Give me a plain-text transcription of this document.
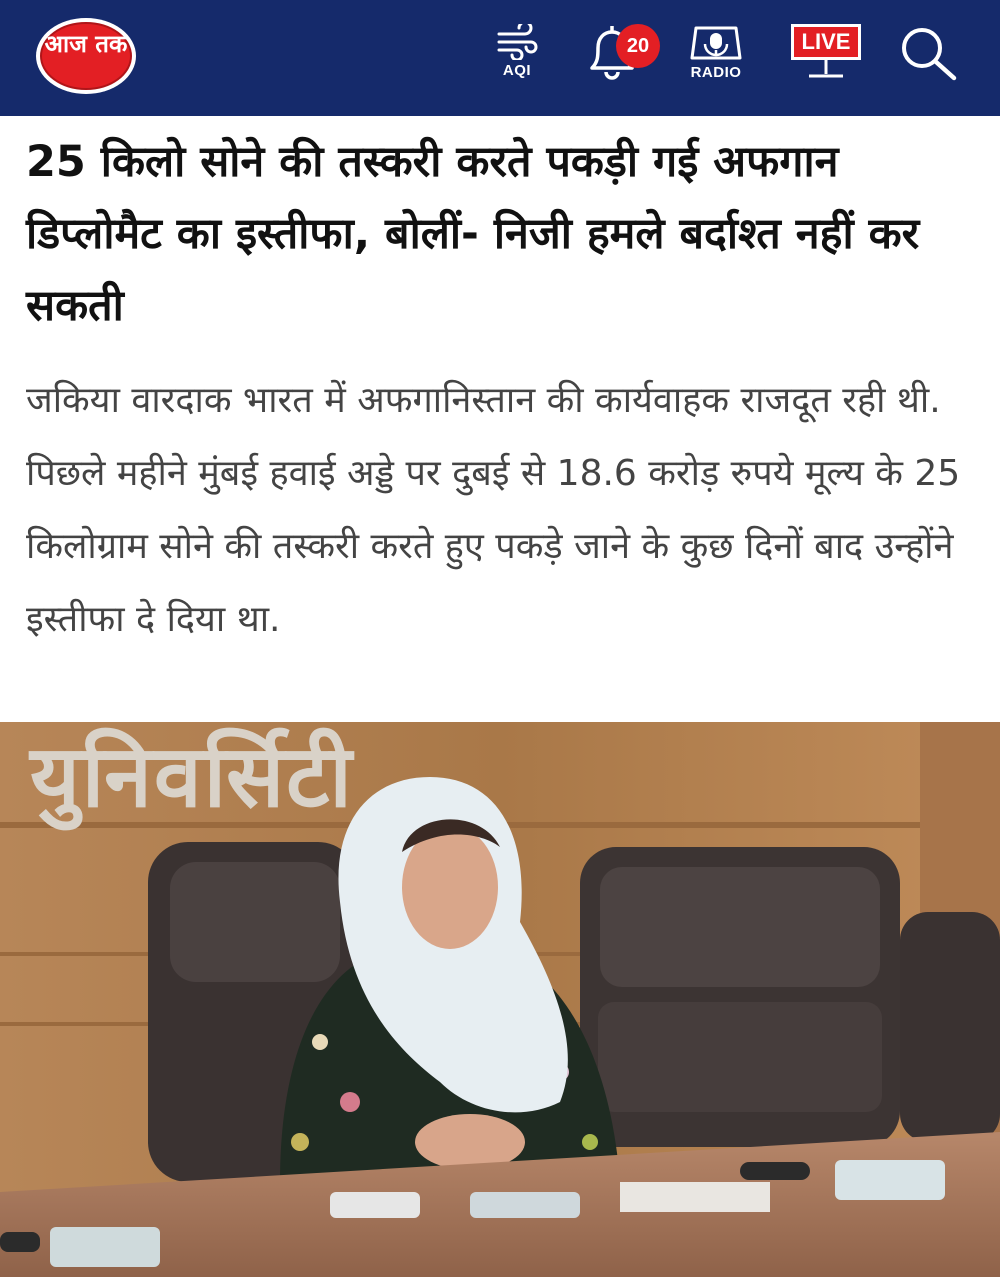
आज तक
AQI
20
RADIO
LIVE
25 किलो सोने की तस्करी करते पकड़ी गई अफगान डिप्लोमैट का इस्तीफा, बोलीं- निजी हमले बर्दाश्त नहीं कर सकती

जकिया वारदाक भारत में अफगानिस्तान की कार्यवाहक राजदूत रही थी. पिछले महीने मुंबई हवाई अड्डे पर दुबई से 18.6 करोड़ रुपये मूल्य के 25 किलोग्राम सोने की तस्करी करते हुए पकड़े जाने के कुछ दिनों बाद उन्होंने इस्तीफा दे दिया था.

युनिवर्सिटी
